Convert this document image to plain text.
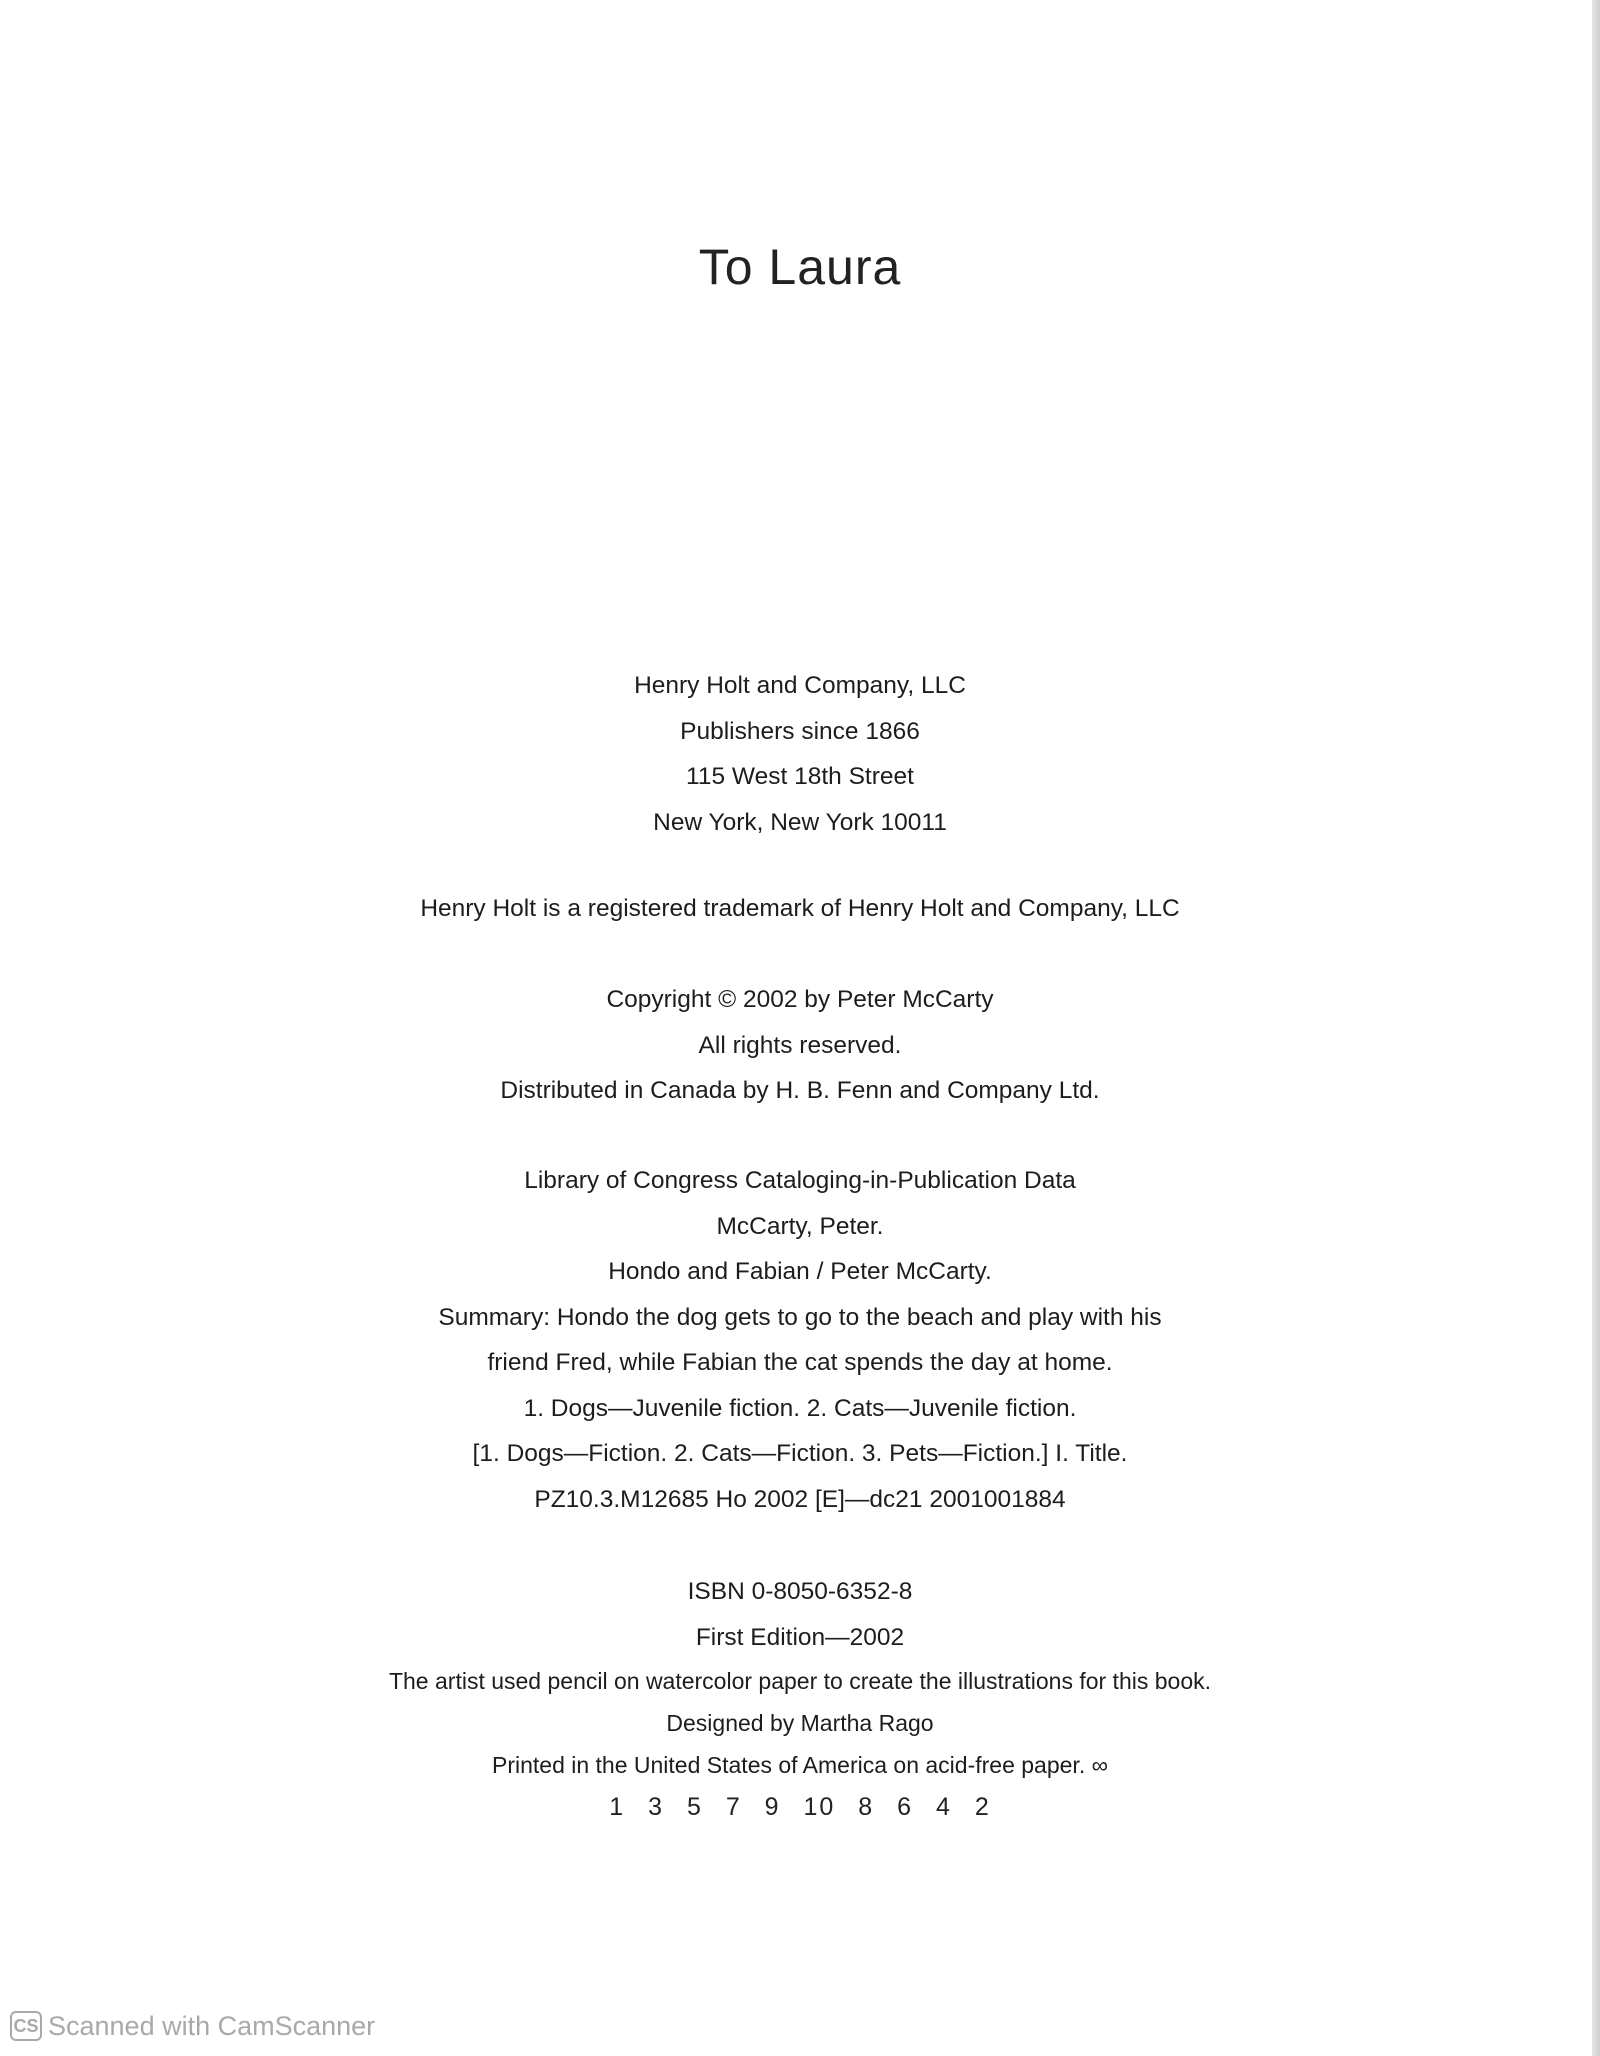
To Laura
Henry Holt and Company, LLC
Publishers since 1866
115 West 18th Street
New York, New York 10011
Henry Holt is a registered trademark of Henry Holt and Company, LLC
Copyright © 2002 by Peter McCarty
All rights reserved.
Distributed in Canada by H. B. Fenn and Company Ltd.
Library of Congress Cataloging-in-Publication Data
McCarty, Peter.
Hondo and Fabian / Peter McCarty.
Summary: Hondo the dog gets to go to the beach and play with his
friend Fred, while Fabian the cat spends the day at home.
1. Dogs—Juvenile fiction. 2. Cats—Juvenile fiction.
[1. Dogs—Fiction. 2. Cats—Fiction. 3. Pets—Fiction.] I. Title.
PZ10.3.M12685 Ho 2002 [E]—dc21 2001001884
ISBN 0-8050-6352-8
First Edition—2002
The artist used pencil on watercolor paper to create the illustrations for this book.
Designed by Martha Rago
Printed in the United States of America on acid-free paper. ∞
1 3 5 7 9 10 8 6 4 2
CS Scanned with CamScanner
